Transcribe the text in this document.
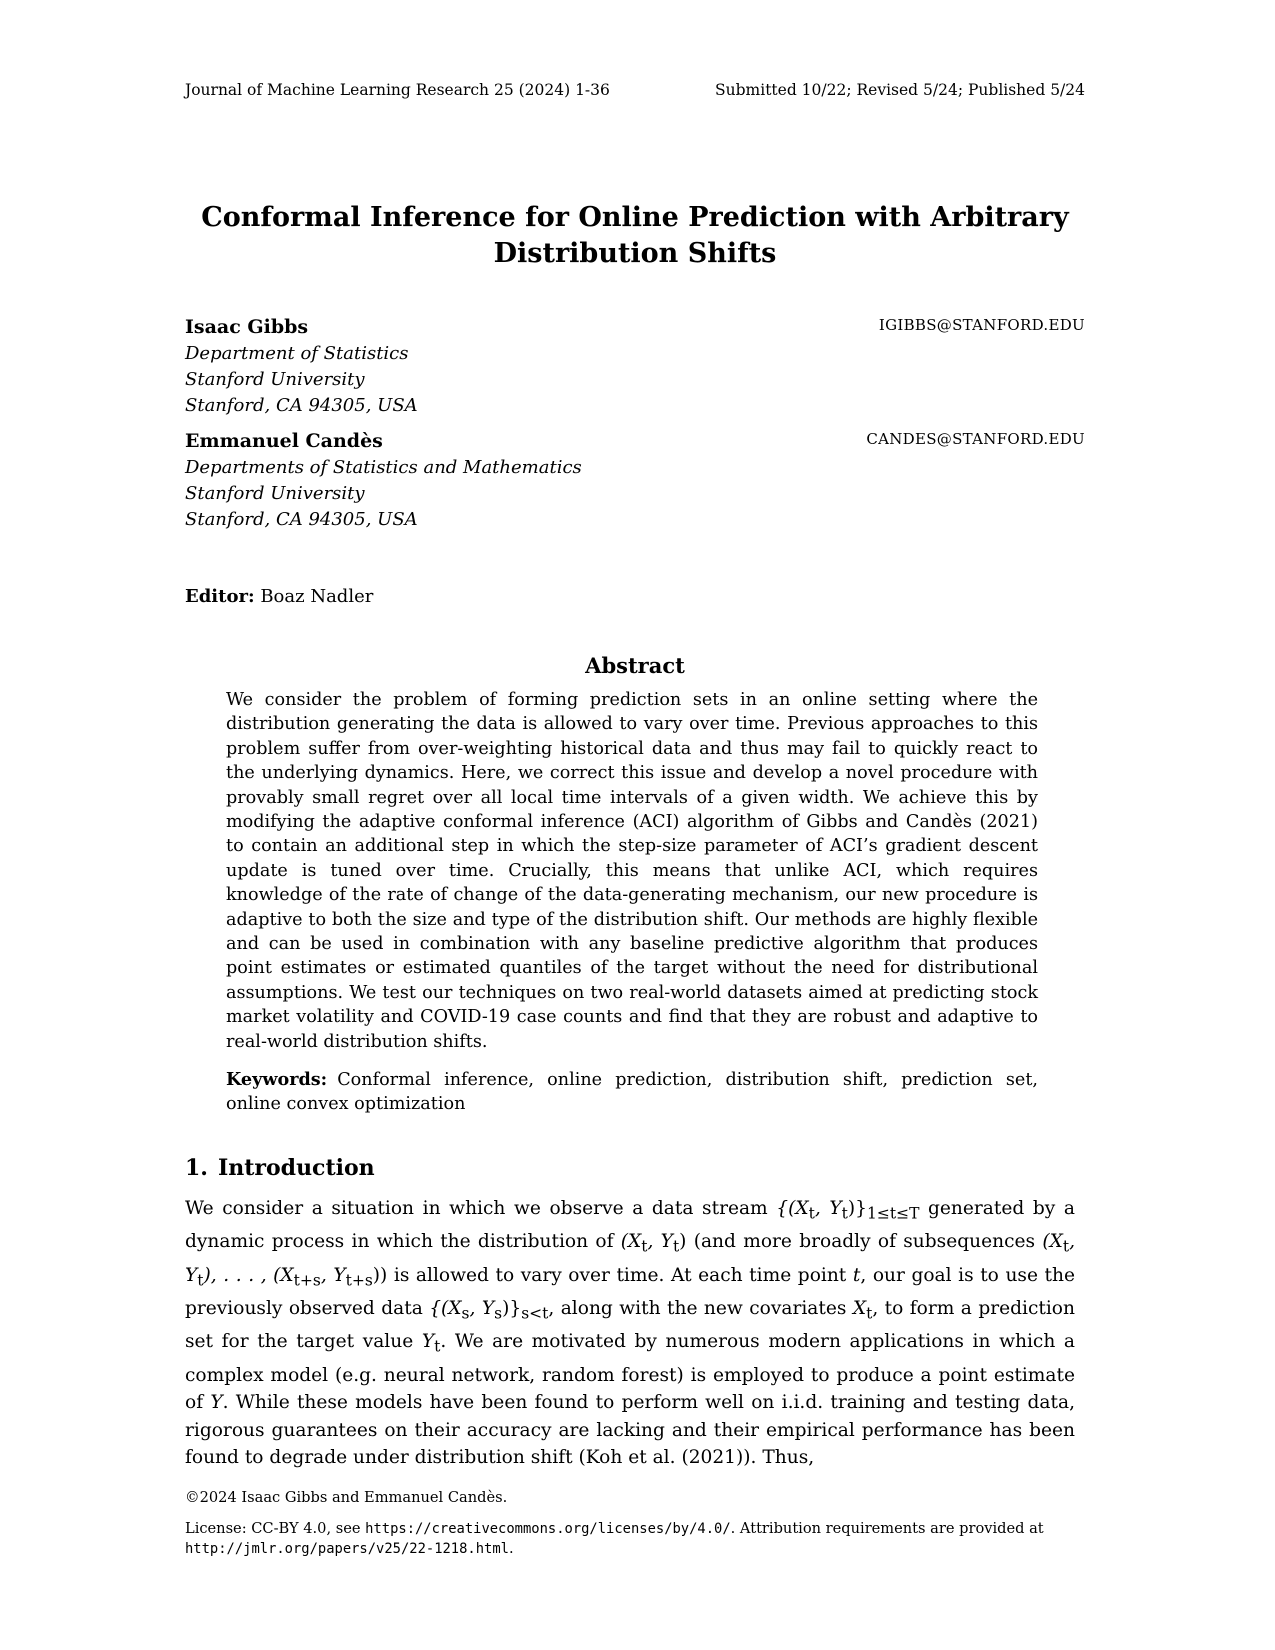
Journal of Machine Learning Research 25 (2024) 1-36	Submitted 10/22; Revised 5/24; Published 5/24
Conformal Inference for Online Prediction with Arbitrary
Distribution Shifts
Isaac Gibbs	IGIBBS@STANFORD.EDU
Department of Statistics
Stanford University
Stanford, CA 94305, USA
Emmanuel Candès	CANDES@STANFORD.EDU
Departments of Statistics and Mathematics
Stanford University
Stanford, CA 94305, USA
Editor: Boaz Nadler
Abstract
We consider the problem of forming prediction sets in an online setting where the distribution generating the data is allowed to vary over time. Previous approaches to this problem suffer from over-weighting historical data and thus may fail to quickly react to the underlying dynamics. Here, we correct this issue and develop a novel procedure with provably small regret over all local time intervals of a given width. We achieve this by modifying the adaptive conformal inference (ACI) algorithm of Gibbs and Candès (2021) to contain an additional step in which the step-size parameter of ACI’s gradient descent update is tuned over time. Crucially, this means that unlike ACI, which requires knowledge of the rate of change of the data-generating mechanism, our new procedure is adaptive to both the size and type of the distribution shift. Our methods are highly flexible and can be used in combination with any baseline predictive algorithm that produces point estimates or estimated quantiles of the target without the need for distributional assumptions. We test our techniques on two real-world datasets aimed at predicting stock market volatility and COVID-19 case counts and find that they are robust and adaptive to real-world distribution shifts.
Keywords: Conformal inference, online prediction, distribution shift, prediction set, online convex optimization
1. Introduction
We consider a situation in which we observe a data stream {($X_t$, $Y_t)\}_{1\le t\le T}$ generated by a dynamic process in which the distribution of ($X_t$, $Y_t$) (and more broadly of subsequences ($X_t$, $Y_t$), . . . , ($X_{t+s}$, $Y_{t+s}$)) is allowed to vary over time. At each time point t, our goal is to use the previously observed data {($X_s$, $Y_s)\}_{s<t}$, along with the new covariates $X_t$, to form a prediction set for the target value $Y_t$. We are motivated by numerous modern applications in which a complex model (e.g. neural network, random forest) is employed to produce a point estimate of Y. While these models have been found to perform well on i.i.d. training and testing data, rigorous guarantees on their accuracy are lacking and their empirical performance has been found to degrade under distribution shift (Koh et al. (2021)). Thus,
©2024 Isaac Gibbs and Emmanuel Candès.
License: CC-BY 4.0, see https://creativecommons.org/licenses/by/4.0/. Attribution requirements are provided at http://jmlr.org/papers/v25/22-1218.html.
